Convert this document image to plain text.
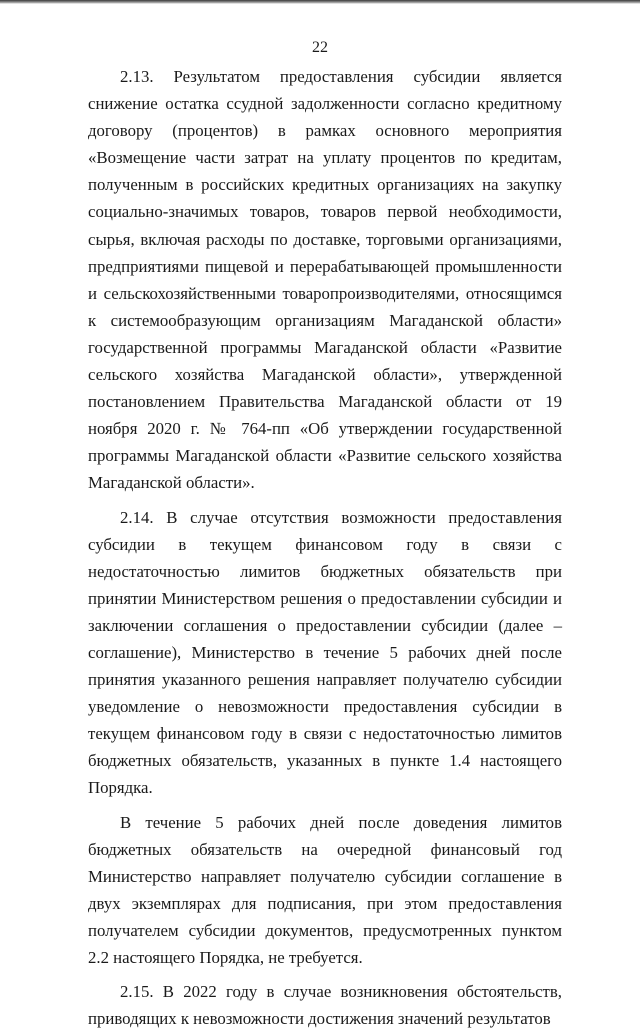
22

2.13. Результатом предоставления субсидии является снижение остатка ссудной задолженности согласно кредитному договору (процентов) в рамках основного мероприятия «Возмещение части затрат на уплату процентов по кредитам, полученным в российских кредитных организациях на закупку социально-значимых товаров, товаров первой необходимости, сырья, включая расходы по доставке, торговыми организациями, предприятиями пищевой и перерабатывающей промышленности и сельскохозяйственными товаропроизводителями, относящимся к системообразующим организациям Магаданской области» государственной программы Магаданской области «Развитие сельского хозяйства Магаданской области», утвержденной постановлением Правительства Магаданской области от 19 ноября 2020 г. № 764-пп «Об утверждении государственной программы Магаданской области «Развитие сельского хозяйства Магаданской области».

2.14. В случае отсутствия возможности предоставления субсидии в текущем финансовом году в связи с недостаточностью лимитов бюджетных обязательств при принятии Министерством решения о предоставлении субсидии и заключении соглашения о предоставлении субсидии (далее – соглашение), Министерство в течение 5 рабочих дней после принятия указанного решения направляет получателю субсидии уведомление о невозможности предоставления субсидии в текущем финансовом году в связи с недостаточностью лимитов бюджетных обязательств, указанных в пункте 1.4 настоящего Порядка.

В течение 5 рабочих дней после доведения лимитов бюджетных обязательств на очередной финансовый год Министерство направляет получателю субсидии соглашение в двух экземплярах для подписания, при этом предоставления получателем субсидии документов, предусмотренных пунктом 2.2 настоящего Порядка, не требуется.

2.15. В 2022 году в случае возникновения обстоятельств, приводящих к невозможности достижения значений результатов
